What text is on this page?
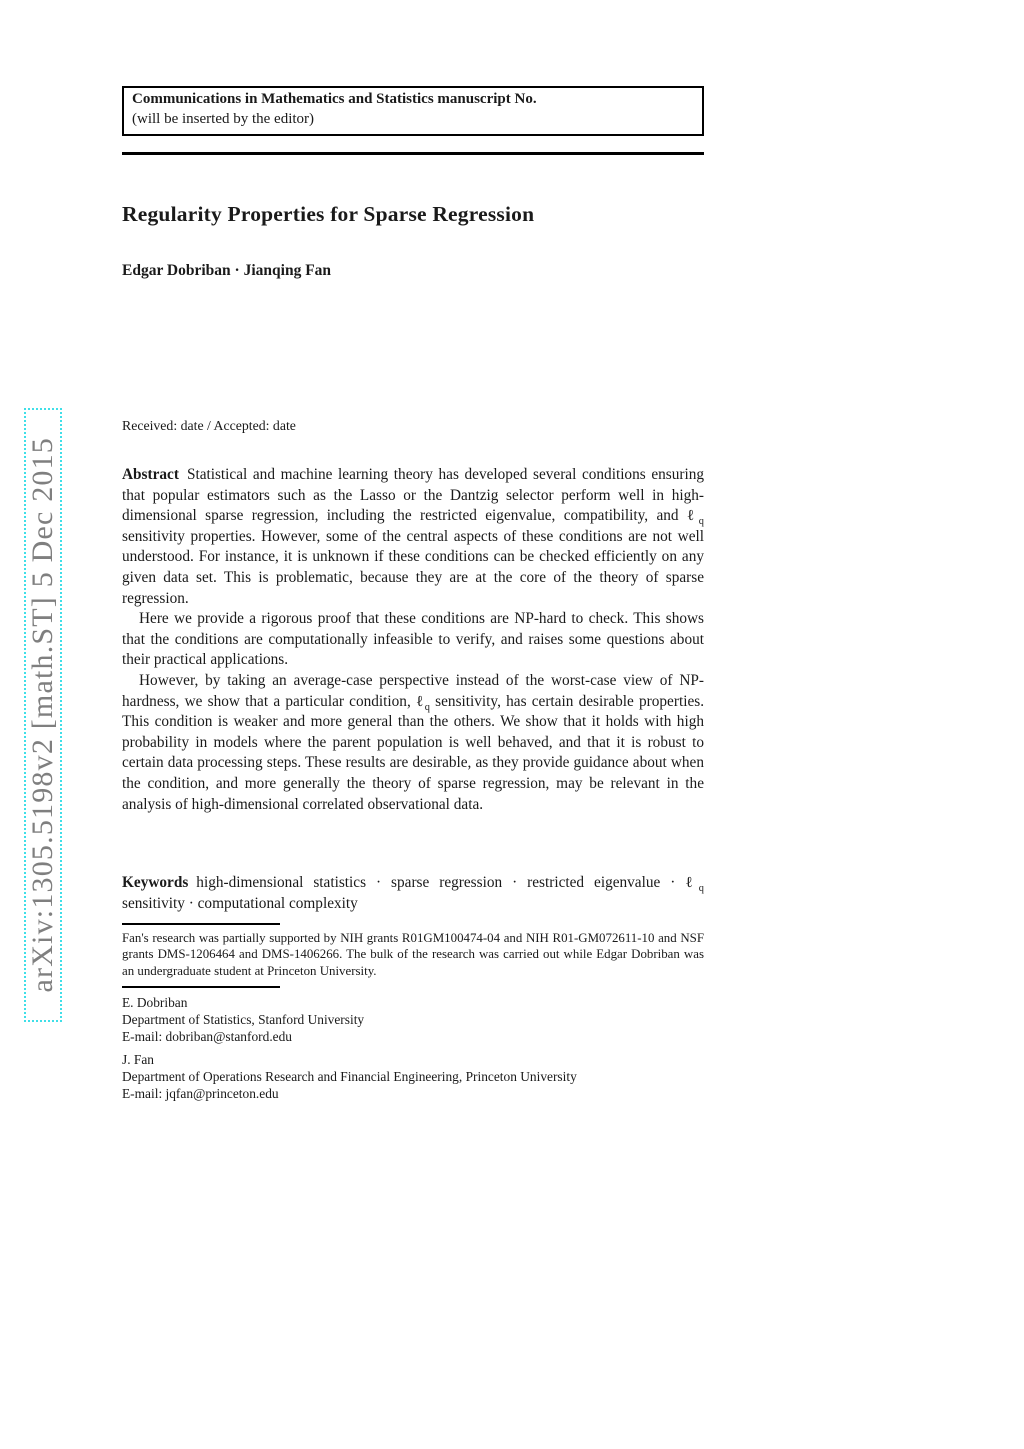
arXiv:1305.5198v2 [math.ST] 5 Dec 2015
Communications in Mathematics and Statistics manuscript No.
(will be inserted by the editor)
Regularity Properties for Sparse Regression
Edgar Dobriban · Jianqing Fan
Received: date / Accepted: date

Abstract Statistical and machine learning theory has developed several conditions ensuring that popular estimators such as the Lasso or the Dantzig selector perform well in high-dimensional sparse regression, including the restricted eigenvalue, compatibility, and ℓ$_q$ sensitivity properties. However, some of the central aspects of these conditions are not well understood. For instance, it is unknown if these conditions can be checked efficiently on any given data set. This is problematic, because they are at the core of the theory of sparse regression.

Here we provide a rigorous proof that these conditions are NP-hard to check. This shows that the conditions are computationally infeasible to verify, and raises some questions about their practical applications.

However, by taking an average-case perspective instead of the worst-case view of NP-hardness, we show that a particular condition, ℓ$_q$ sensitivity, has certain desirable properties. This condition is weaker and more general than the others. We show that it holds with high probability in models where the parent population is well behaved, and that it is robust to certain data processing steps. These results are desirable, as they provide guidance about when the condition, and more generally the theory of sparse regression, may be relevant in the analysis of high-dimensional correlated observational data.

Keywords high-dimensional statistics · sparse regression · restricted eigenvalue · ℓ$_q$ sensitivity · computational complexity

Fan's research was partially supported by NIH grants R01GM100474-04 and NIH R01-GM072611-10 and NSF grants DMS-1206464 and DMS-1406266. The bulk of the research was carried out while Edgar Dobriban was an undergraduate student at Princeton University.

E. Dobriban
Department of Statistics, Stanford University
E-mail: dobriban@stanford.edu
J. Fan
Department of Operations Research and Financial Engineering, Princeton University
E-mail: jqfan@princeton.edu
